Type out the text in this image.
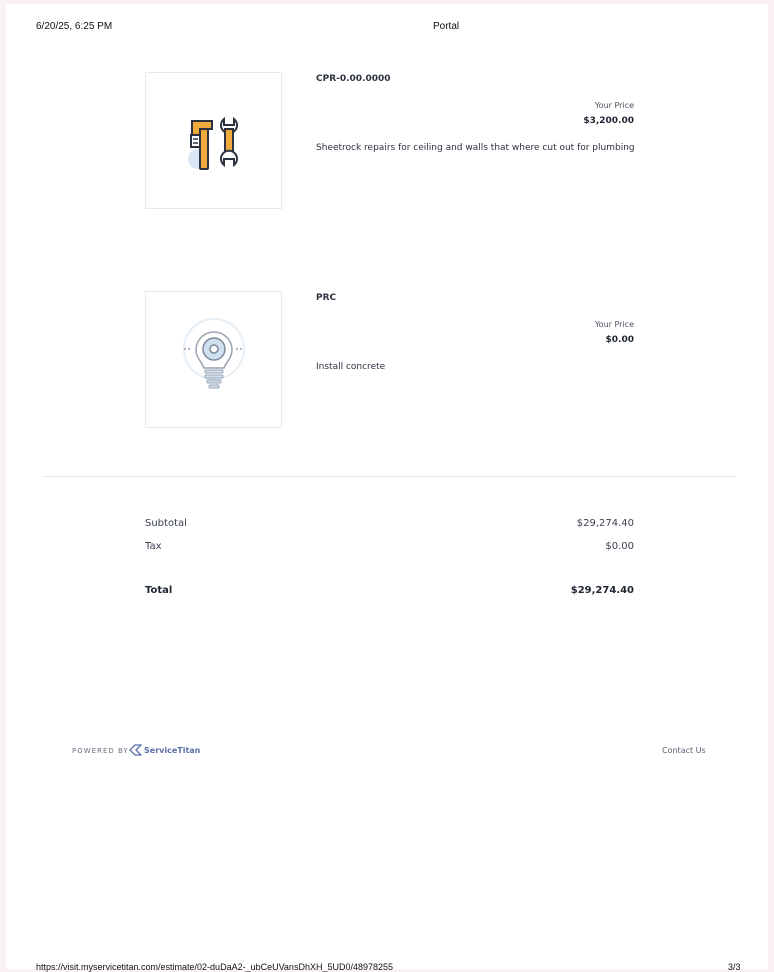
6/20/25, 6:25 PM	Portal
CPR-0.00.0000
Your Price
$3,200.00
Sheetrock repairs for ceiling and walls that where cut out for plumbing
PRC
Your Price
$0.00
Install concrete
Subtotal	$29,274.40
Tax	$0.00
Total	$29,274.40
POWERED BY ServiceTitan	Contact Us
https://visit.myservicetitan.com/estimate/02-duDaA2-_ubCeUVansDhXH_5UD0/48978255	3/3
